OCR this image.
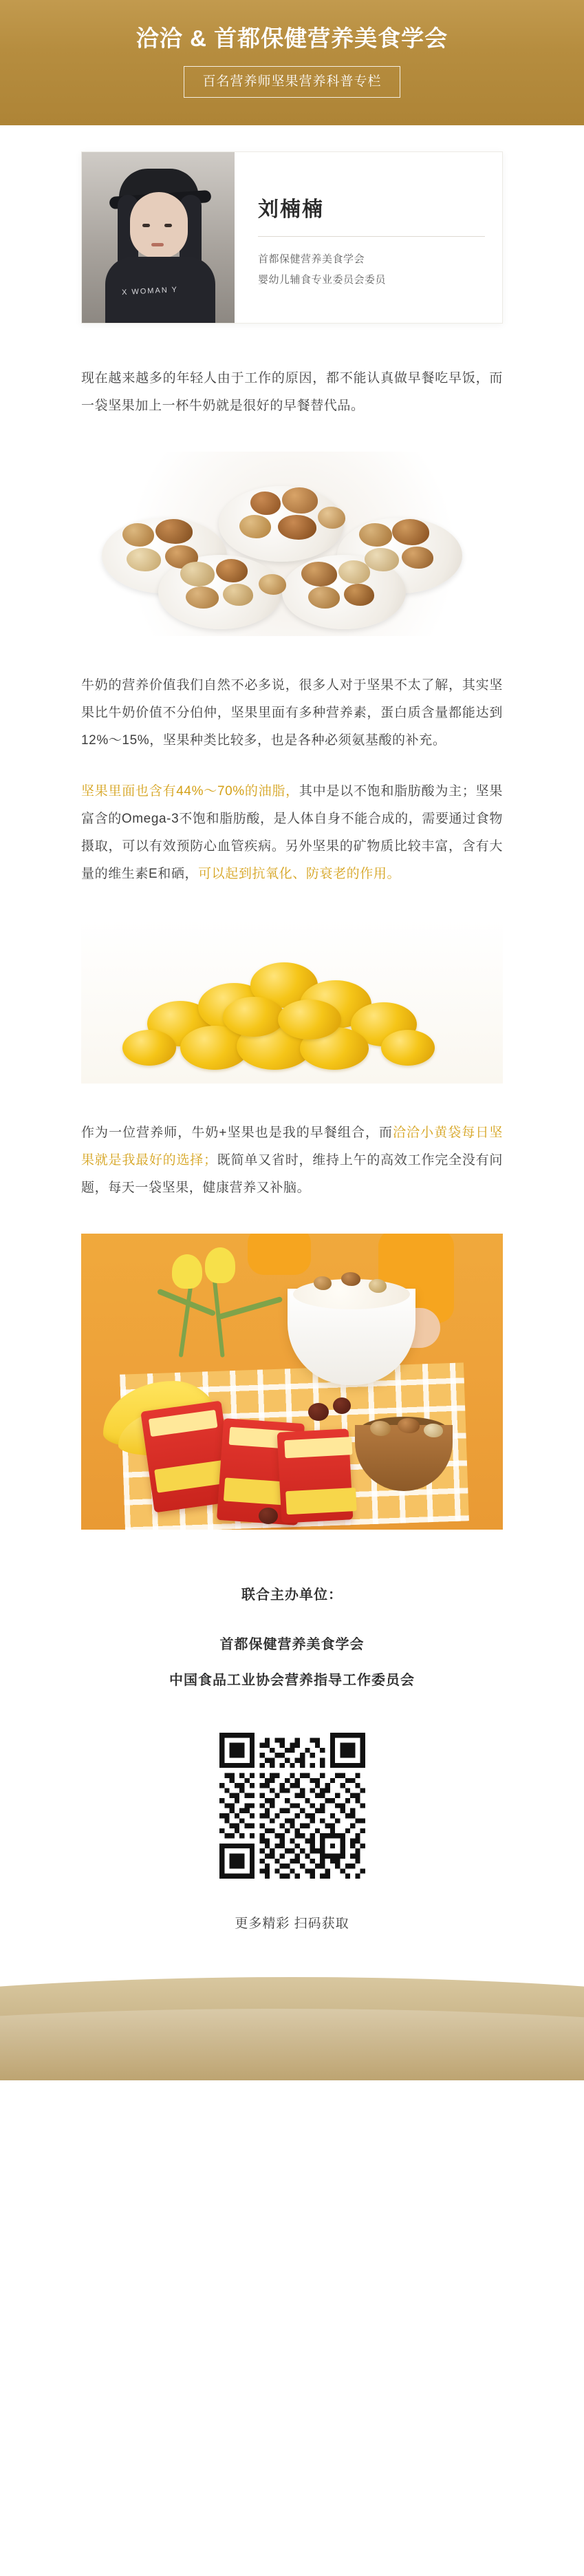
洽洽 & 首都保健营养美食学会
百名营养师坚果营养科普专栏
X WOMAN Y
刘楠楠
首都保健营养美食学会
婴幼儿辅食专业委员会委员

现在越来越多的年轻人由于工作的原因，都不能认真做早餐吃早饭，而一袋坚果加上一杯牛奶就是很好的早餐替代品。

牛奶的营养价值我们自然不必多说，很多人对于坚果不太了解，其实坚果比牛奶价值不分伯仲，坚果里面有多种营养素，蛋白质含量都能达到12%～15%，坚果种类比较多，也是各种必须氨基酸的补充。

坚果里面也含有44%～70%的油脂，其中是以不饱和脂肪酸为主；坚果富含的Omega-3不饱和脂肪酸，是人体自身不能合成的，需要通过食物摄取，可以有效预防心血管疾病。另外坚果的矿物质比较丰富，含有大量的维生素E和硒，可以起到抗氧化、防衰老的作用。

作为一位营养师，牛奶+坚果也是我的早餐组合，而洽洽小黄袋每日坚果就是我最好的选择；既简单又省时，维持上午的高效工作完全没有问题，每天一袋坚果，健康营养又补脑。

联合主办单位：
首都保健营养美食学会
中国食品工业协会营养指导工作委员会
更多精彩 扫码获取
